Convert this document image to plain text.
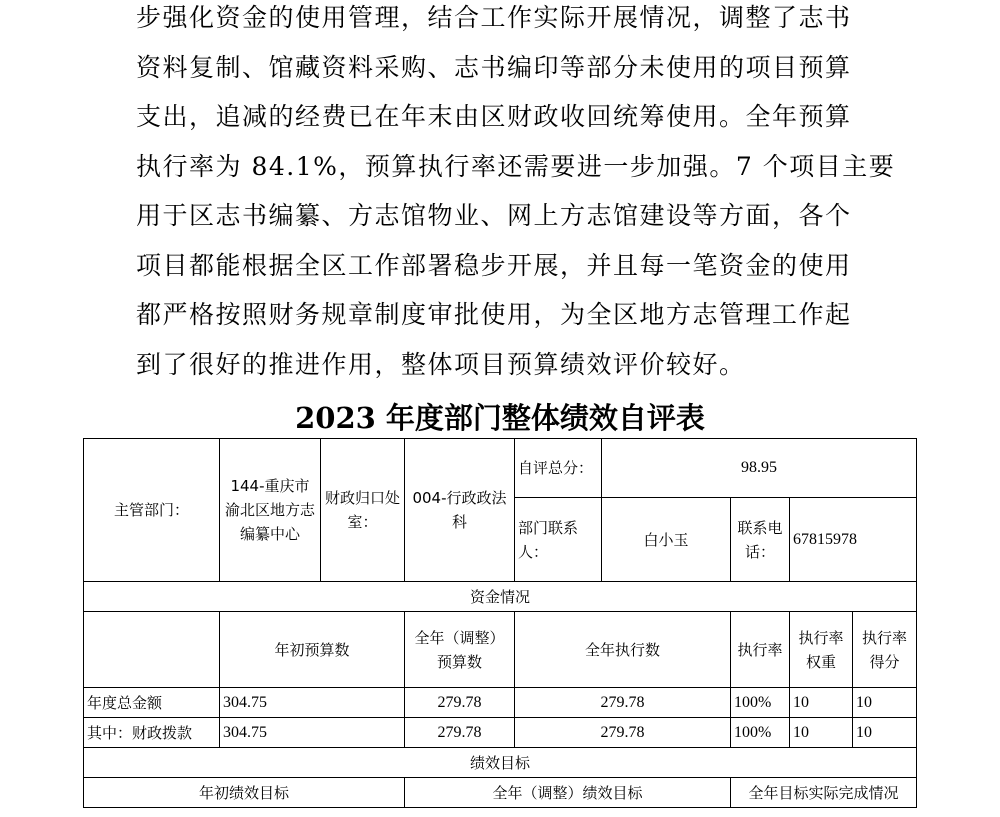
步强化资金的使用管理，结合工作实际开展情况，调整了志书
资料复制、馆藏资料采购、志书编印等部分未使用的项目预算
支出，追减的经费已在年末由区财政收回统筹使用。全年预算
执行率为 84.1%，预算执行率还需要进一步加强。7 个项目主要
用于区志书编纂、方志馆物业、网上方志馆建设等方面，各个
项目都能根据全区工作部署稳步开展，并且每一笔资金的使用
都严格按照财务规章制度审批使用，为全区地方志管理工作起
到了很好的推进作用，整体项目预算绩效评价较好。
2023 年度部门整体绩效自评表
主管部门：	144-重庆市渝北区地方志编纂中心	财政归口处室：	004-行政政法科	自评总分：	98.95			
				部门联系人：	白小玉	联系电话：	67815978	
资金情况								
	年初预算数		全年（调整）预算数	全年执行数		执行率	执行率权重	执行率得分
年度总金额	304.75		279.78	279.78		100%	10	10
其中：财政拨款	304.75		279.78	279.78		100%	10	10
绩效目标								
年初绩效目标			全年（调整）绩效目标			全年目标实际完成情况		
